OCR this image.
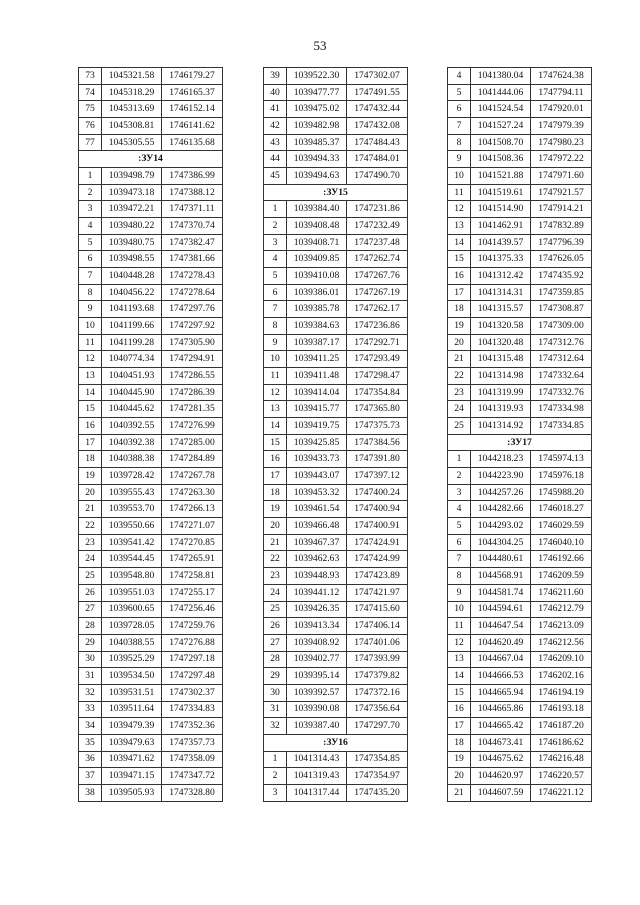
53
73	1045321.58	1746179.27
74	1045318.29	1746165.37
75	1045313.69	1746152.14
76	1045308.81	1746141.62
77	1045305.55	1746135.68
:ЗУ14		
1	1039498.79	1747386.99
2	1039473.18	1747388.12
3	1039472.21	1747371.11
4	1039480.22	1747370.74
5	1039480.75	1747382.47
6	1039498.55	1747381.66
7	1040448.28	1747278.43
8	1040456.22	1747278.64
9	1041193.68	1747297.76
10	1041199.66	1747297.92
11	1041199.28	1747305.90
12	1040774.34	1747294.91
13	1040451.93	1747286.55
14	1040445.90	1747286.39
15	1040445.62	1747281.35
16	1040392.55	1747276.99
17	1040392.38	1747285.00
18	1040388.38	1747284.89
19	1039728.42	1747267.78
20	1039555.43	1747263.30
21	1039553.70	1747266.13
22	1039550.66	1747271.07
23	1039541.42	1747270.85
24	1039544.45	1747265.91
25	1039548.80	1747258.81
26	1039551.03	1747255.17
27	1039600.65	1747256.46
28	1039728.05	1747259.76
29	1040388.55	1747276.88
30	1039525.29	1747297.18
31	1039534.50	1747297.48
32	1039531.51	1747302.37
33	1039511.64	1747334.83
34	1039479.39	1747352.36
35	1039479.63	1747357.73
36	1039471.62	1747358.09
37	1039471.15	1747347.72
38	1039505.93	1747328.80
39	1039522.30	1747302.07
40	1039477.77	1747491.55
41	1039475.02	1747432.44
42	1039482.98	1747432.08
43	1039485.37	1747484.43
44	1039494.33	1747484.01
45	1039494.63	1747490.70
:ЗУ15		
1	1039384.40	1747231.86
2	1039408.48	1747232.49
3	1039408.71	1747237.48
4	1039409.85	1747262.74
5	1039410.08	1747267.76
6	1039386.01	1747267.19
7	1039385.78	1747262.17
8	1039384.63	1747236.86
9	1039387.17	1747292.71
10	1039411.25	1747293.49
11	1039411.48	1747298.47
12	1039414.04	1747354.84
13	1039415.77	1747365.80
14	1039419.75	1747375.73
15	1039425.85	1747384.56
16	1039433.73	1747391.80
17	1039443.07	1747397.12
18	1039453.32	1747400.24
19	1039461.54	1747400.94
20	1039466.48	1747400.91
21	1039467.37	1747424.91
22	1039462.63	1747424.99
23	1039448.93	1747423.89
24	1039441.12	1747421.97
25	1039426.35	1747415.60
26	1039413.34	1747406.14
27	1039408.92	1747401.06
28	1039402.77	1747393.99
29	1039395.14	1747379.82
30	1039392.57	1747372.16
31	1039390.08	1747356.64
32	1039387.40	1747297.70
:ЗУ16		
1	1041314.43	1747354.85
2	1041319.43	1747354.97
3	1041317.44	1747435.20
4	1041380.04	1747624.38
5	1041444.06	1747794.11
6	1041524.54	1747920.01
7	1041527.24	1747979.39
8	1041508.70	1747980.23
9	1041508.36	1747972.22
10	1041521.88	1747971.60
11	1041519.61	1747921.57
12	1041514.90	1747914.21
13	1041462.91	1747832.89
14	1041439.57	1747796.39
15	1041375.33	1747626.05
16	1041312.42	1747435.92
17	1041314.31	1747359.85
18	1041315.57	1747308.87
19	1041320.58	1747309.00
20	1041320.48	1747312.76
21	1041315.48	1747312.64
22	1041314.98	1747332.64
23	1041319.99	1747332.76
24	1041319.93	1747334.98
25	1041314.92	1747334.85
:ЗУ17		
1	1044218.23	1745974.13
2	1044223.90	1745976.18
3	1044257.26	1745988.20
4	1044282.66	1746018.27
5	1044293.02	1746029.59
6	1044304.25	1746040.10
7	1044480.61	1746192.66
8	1044568.91	1746209.59
9	1044581.74	1746211.60
10	1044594.61	1746212.79
11	1044647.54	1746213.09
12	1044620.49	1746212.56
13	1044667.04	1746209.10
14	1044666.53	1746202.16
15	1044665.94	1746194.19
16	1044665.86	1746193.18
17	1044665.42	1746187.20
18	1044673.41	1746186.62
19	1044675.62	1746216.48
20	1044620.97	1746220.57
21	1044607.59	1746221.12
